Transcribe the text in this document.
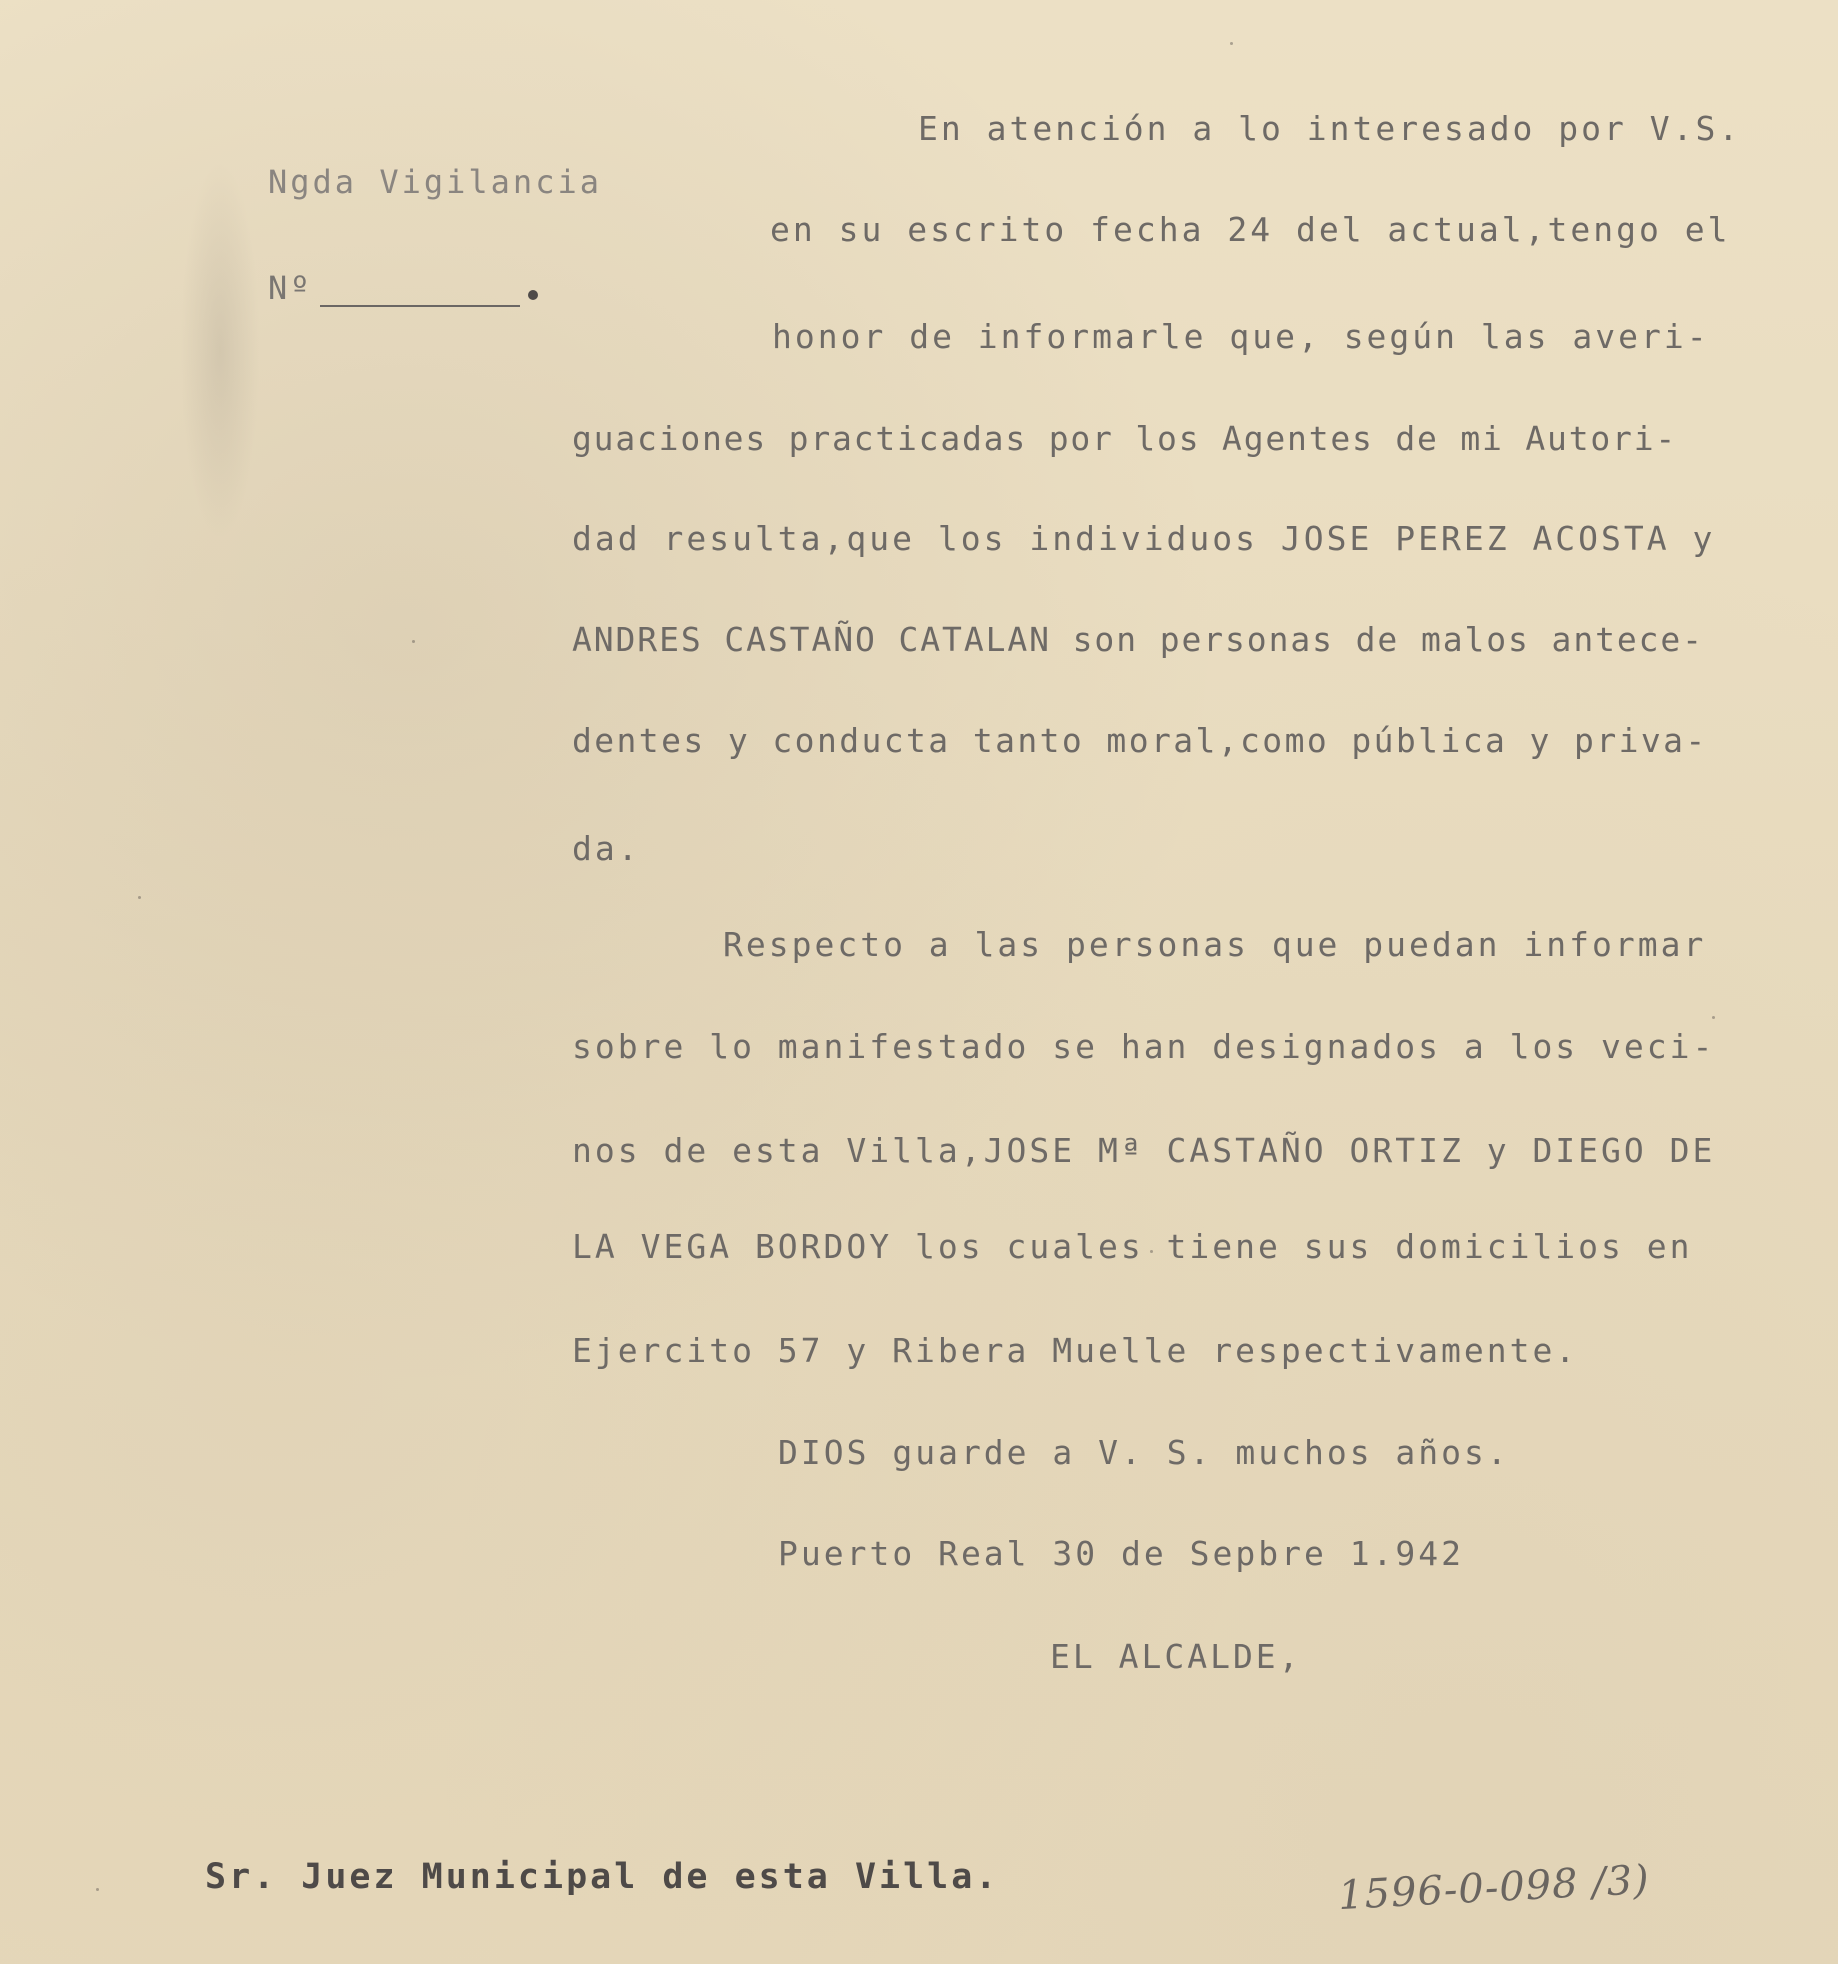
Ngda Vigilancia

Nº

En atención a lo interesado por V.S.

en su escrito fecha 24 del actual,tengo el

honor de informarle que, según las averi-

guaciones practicadas por los Agentes de mi Autori-

dad resulta,que los individuos JOSE PEREZ ACOSTA y

ANDRES CASTAÑO CATALAN son personas de malos antece-

dentes y conducta tanto moral,como pública y priva-

da.

Respecto a las personas que puedan informar

sobre lo manifestado se han designados a los veci-

nos de esta Villa,JOSE Mª CASTAÑO ORTIZ y DIEGO DE

LA VEGA BORDOY los cuales tiene sus domicilios en

Ejercito 57 y Ribera Muelle respectivamente.

DIOS guarde a V. S. muchos años.

Puerto Real 30 de Sepbre 1.942

EL ALCALDE,

Sr. Juez Municipal de esta Villa.	1596-0-098 /3)
